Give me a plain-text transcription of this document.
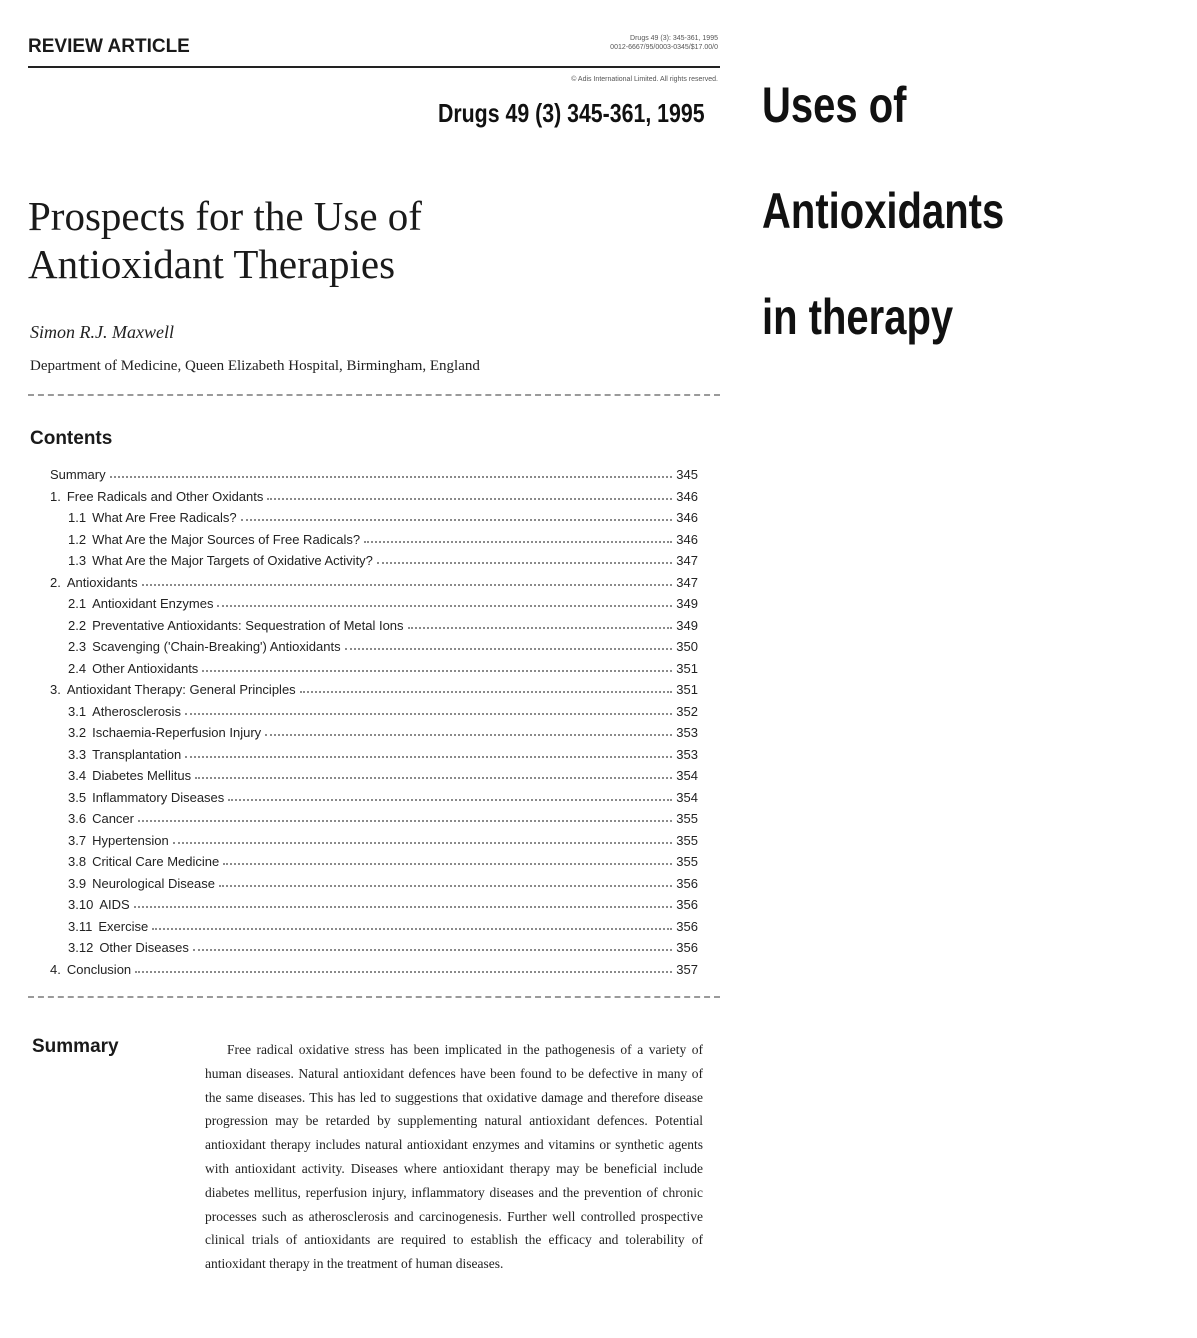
REVIEW ARTICLE	Drugs 49 (3): 345-361, 1995
0012-6667/95/0003-0345/$17.00/0
© Adis International Limited. All rights reserved.
Drugs 49 (3) 345-361, 1995 Uses of
Antioxidants
in therapy
Prospects for the Use of
Antioxidant Therapies
Simon R.J. Maxwell
Department of Medicine, Queen Elizabeth Hospital, Birmingham, England
Contents
Summary	345
1. Free Radicals and Other Oxidants	346
1.1 What Are Free Radicals?	346
1.2 What Are the Major Sources of Free Radicals?	346
1.3 What Are the Major Targets of Oxidative Activity?	347
2. Antioxidants	347
2.1 Antioxidant Enzymes	349
2.2 Preventative Antioxidants: Sequestration of Metal Ions	349
2.3 Scavenging ('Chain-Breaking') Antioxidants	350
2.4 Other Antioxidants	351
3. Antioxidant Therapy: General Principles	351
3.1 Atherosclerosis	352
3.2 Ischaemia-Reperfusion Injury	353
3.3 Transplantation	353
3.4 Diabetes Mellitus	354
3.5 Inflammatory Diseases	354
3.6 Cancer	355
3.7 Hypertension	355
3.8 Critical Care Medicine	355
3.9 Neurological Disease	356
3.10 AIDS	356
3.11 Exercise	356
3.12 Other Diseases	356
4. Conclusion	357
Summary	Free radical oxidative stress has been implicated in the pathogenesis of a variety of human diseases. Natural antioxidant defences have been found to be defective in many of the same diseases. This has led to suggestions that oxidative damage and therefore disease progression may be retarded by supplementing natural antioxidant defences. Potential antioxidant therapy includes natural antioxidant enzymes and vitamins or synthetic agents with antioxidant activity. Diseases where antioxidant therapy may be beneficial include diabetes mellitus, reperfusion injury, inflammatory diseases and the prevention of chronic processes such as atherosclerosis and carcinogenesis. Further well controlled prospective clinical trials of antioxidants are required to establish the efficacy and tolerability of antioxidant therapy in the treatment of human diseases.
